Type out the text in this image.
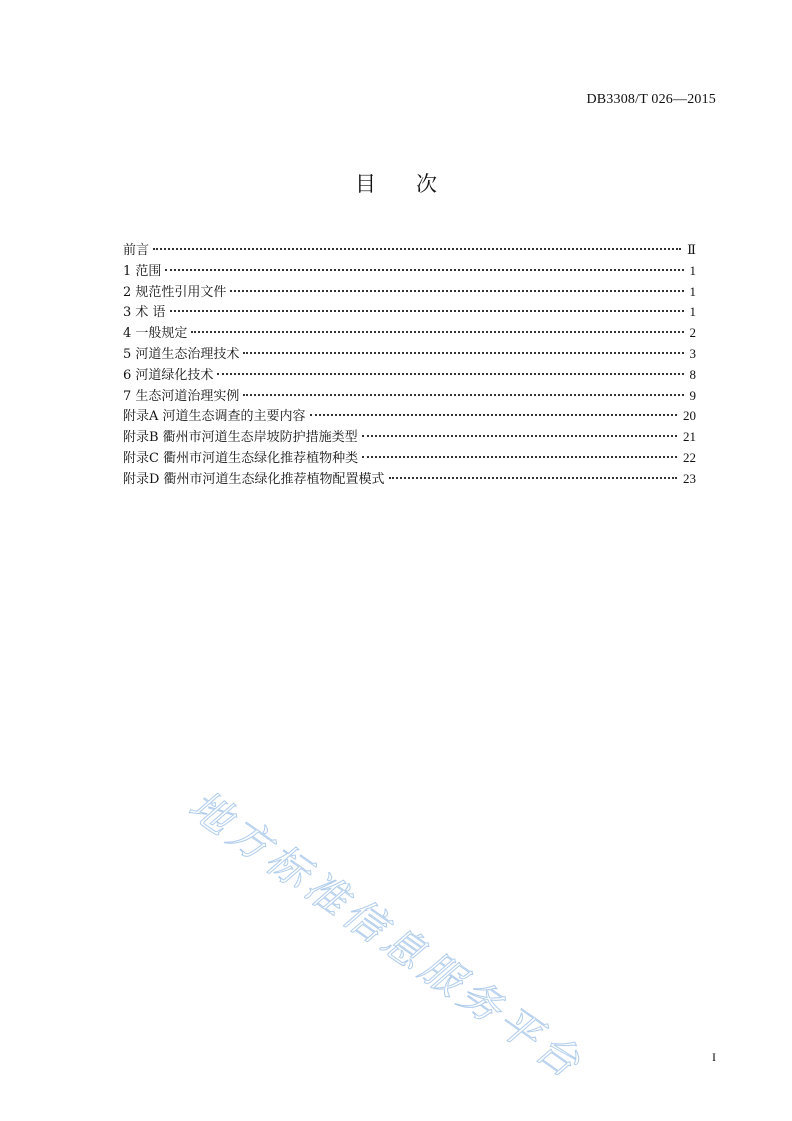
DB3308/T 026—2015
目次
前言	Ⅱ
1 范围	1
2 规范性引用文件	1
3 术 语	1
4 一般规定	2
5 河道生态治理技术	3
6 河道绿化技术	8
7 生态河道治理实例	9
附录A 河道生态调查的主要内容	20
附录B 衢州市河道生态岸坡防护措施类型	21
附录C 衢州市河道生态绿化推荐植物种类	22
附录D 衢州市河道生态绿化推荐植物配置模式	23
地方标准信息服务平台	I
